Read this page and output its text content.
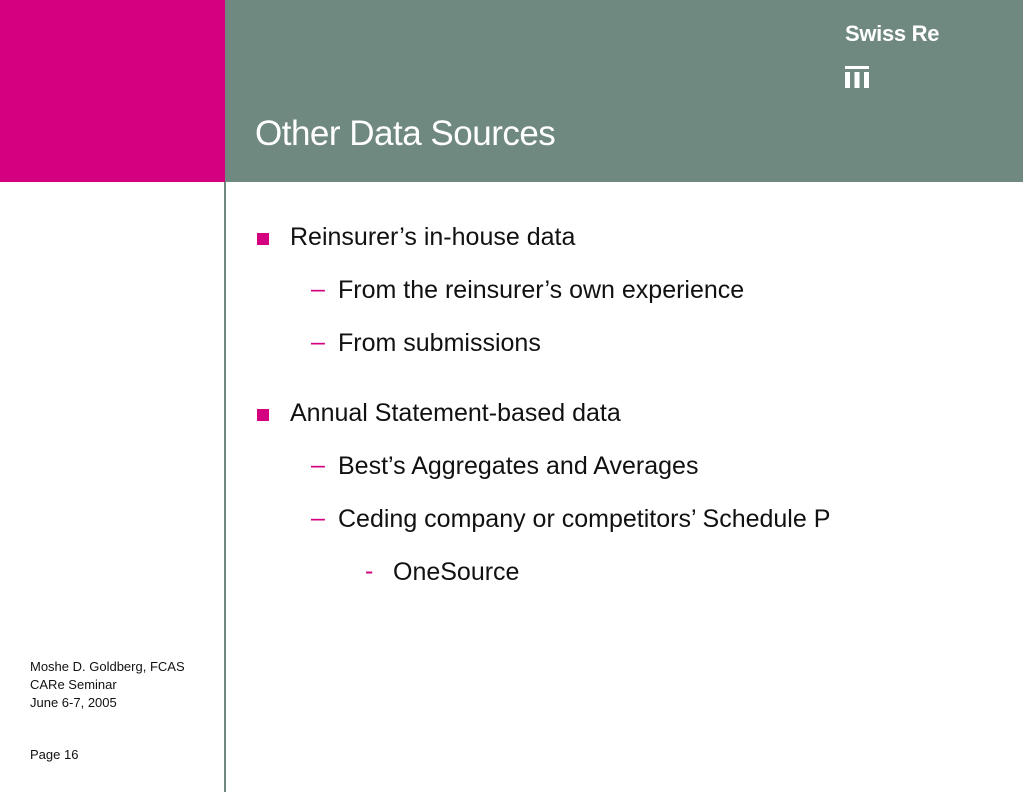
Swiss Re
Other Data Sources
Reinsurer’s in-house data
– From the reinsurer’s own experience
– From submissions
Annual Statement-based data
– Best’s Aggregates and Averages
– Ceding company or competitors’ Schedule P
- OneSource
Moshe D. Goldberg, FCAS
CARe Seminar
June 6-7, 2005
Page 16
